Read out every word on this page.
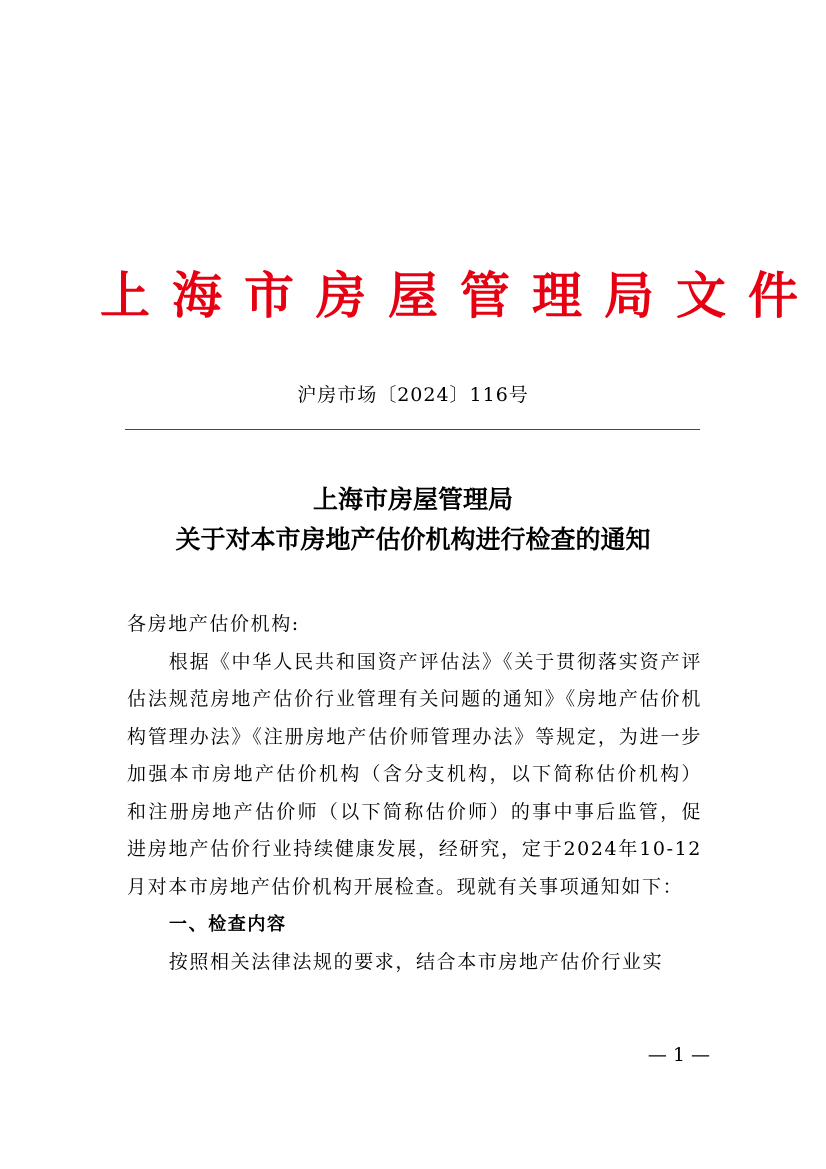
上海市房屋管理局文件
沪房市场〔2024〕116号
上海市房屋管理局
关于对本市房地产估价机构进行检查的通知

各房地产估价机构:

根据《中华人民共和国资产评估法》《关于贯彻落实资产评估法规范房地产估价行业管理有关问题的通知》《房地产估价机构管理办法》《注册房地产估价师管理办法》等规定，为进一步加强本市房地产估价机构（含分支机构，以下简称估价机构）和注册房地产估价师（以下简称估价师）的事中事后监管，促进房地产估价行业持续健康发展，经研究，定于2024年10-12月对本市房地产估价机构开展检查。现就有关事项通知如下：

一、检查内容

按照相关法律法规的要求，结合本市房地产估价行业实

— 1 —
